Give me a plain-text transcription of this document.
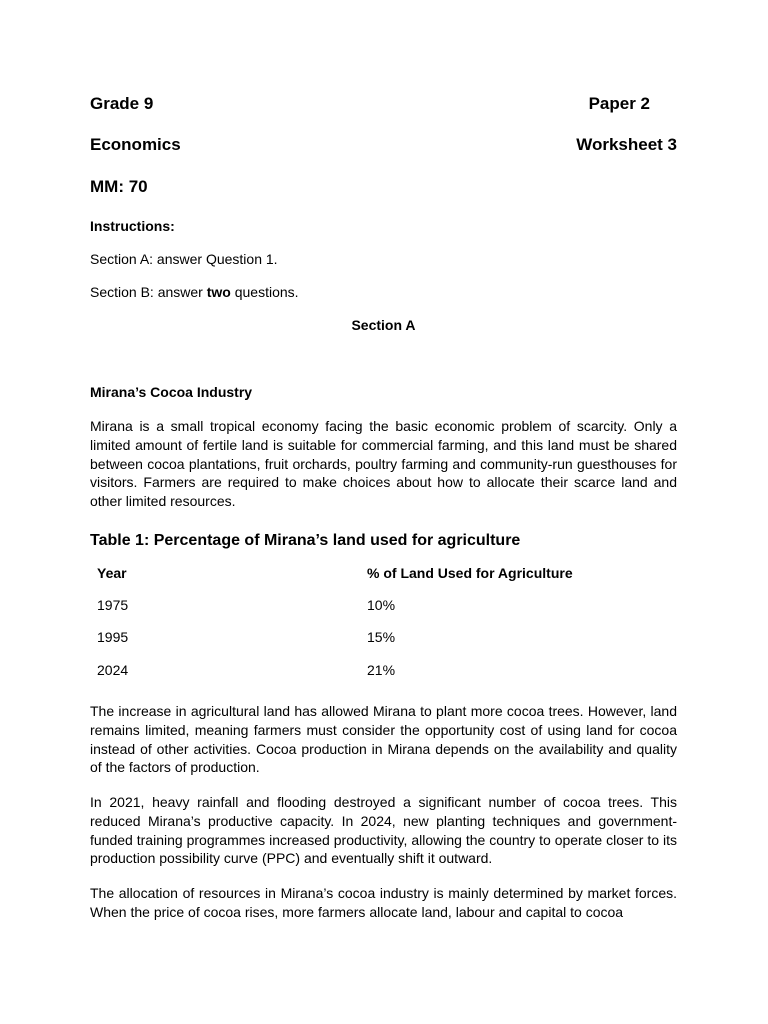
Grade 9	Paper 2
Economics	Worksheet 3
MM: 70
Instructions:
Section A: answer Question 1.
Section B: answer two questions.
Section A
Mirana’s Cocoa Industry
Mirana is a small tropical economy facing the basic economic problem of scarcity. Only a limited amount of fertile land is suitable for commercial farming, and this land must be shared between cocoa plantations, fruit orchards, poultry farming and community-run guesthouses for visitors. Farmers are required to make choices about how to allocate their scarce land and other limited resources.
Table 1: Percentage of Mirana’s land used for agriculture
Year	% of Land Used for Agriculture
1975	10%
1995	15%
2024	21%
The increase in agricultural land has allowed Mirana to plant more cocoa trees. However, land remains limited, meaning farmers must consider the opportunity cost of using land for cocoa instead of other activities. Cocoa production in Mirana depends on the availability and quality of the factors of production.
In 2021, heavy rainfall and flooding destroyed a significant number of cocoa trees. This reduced Mirana’s productive capacity. In 2024, new planting techniques and government-funded training programmes increased productivity, allowing the country to operate closer to its production possibility curve (PPC) and eventually shift it outward.
The allocation of resources in Mirana’s cocoa industry is mainly determined by market forces. When the price of cocoa rises, more farmers allocate land, labour and capital to cocoa
